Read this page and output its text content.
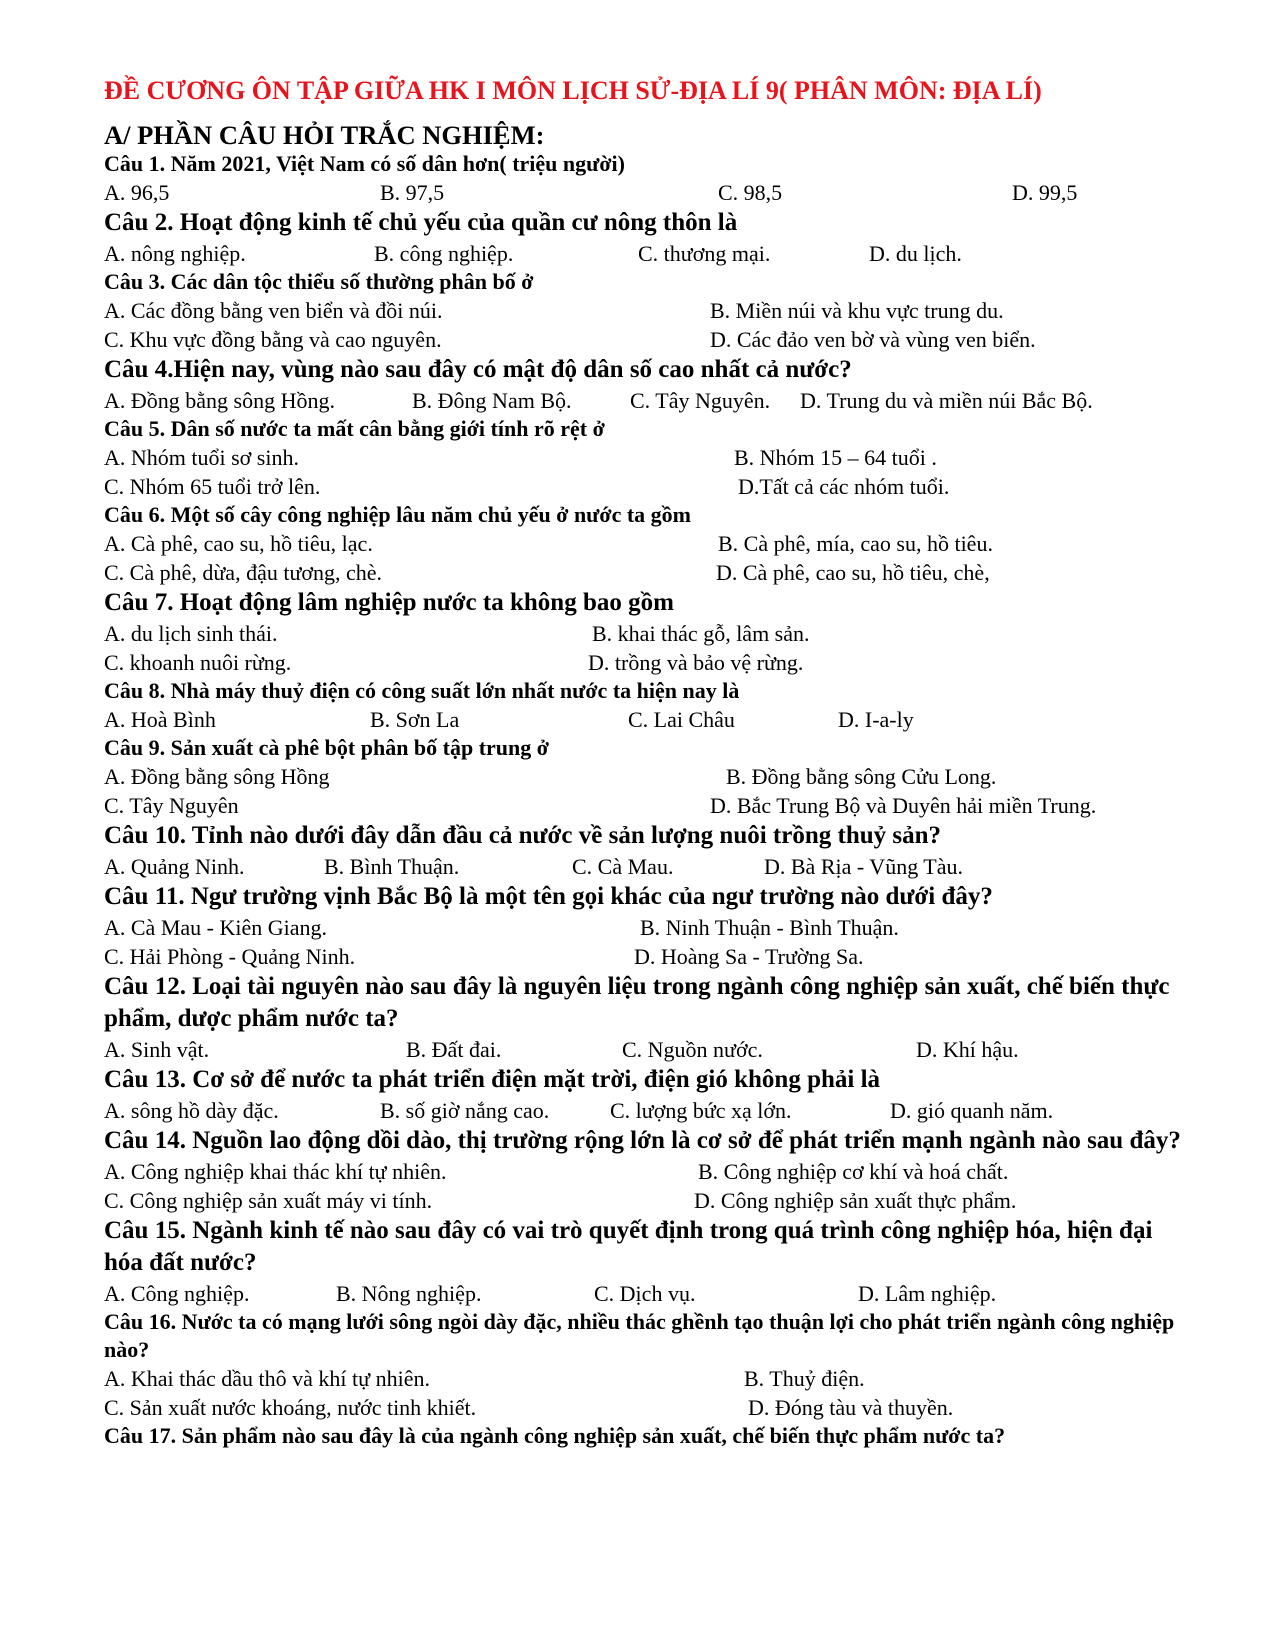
ĐỀ CƯƠNG ÔN TẬP GIỮA HK I MÔN LỊCH SỬ-ĐỊA LÍ 9( PHÂN MÔN: ĐỊA LÍ)
A/ PHẦN CÂU HỎI TRẮC NGHIỆM:
Câu 1. Năm 2021, Việt Nam có số dân hơn( triệu người)
A. 96,5	B. 97,5	C. 98,5	D. 99,5
Câu 2. Hoạt động kinh tế chủ yếu của quần cư nông thôn là
A. nông nghiệp.	B. công nghiệp.	C. thương mại.	D. du lịch.
Câu 3. Các dân tộc thiểu số thường phân bố ở
A. Các đồng bằng ven biển và đồi núi.	B. Miền núi và khu vực trung du.
C. Khu vực đồng bằng và cao nguyên.	D. Các đảo ven bờ và vùng ven biển.
Câu 4.Hiện nay, vùng nào sau đây có mật độ dân số cao nhất cả nước?
A. Đồng bằng sông Hồng.	B. Đông Nam Bộ.	C. Tây Nguyên. D. Trung du và miền núi Bắc Bộ.
Câu 5. Dân số nước ta mất cân bằng giới tính rõ rệt ở
A. Nhóm tuổi sơ sinh.	B. Nhóm 15 – 64 tuổi .
C. Nhóm 65 tuổi trở lên.	D.Tất cả các nhóm tuổi.
Câu 6. Một số cây công nghiệp lâu năm chủ yếu ở nước ta gồm
A. Cà phê, cao su, hồ tiêu, lạc.	B. Cà phê, mía, cao su, hồ tiêu.
C. Cà phê, dừa, đậu tương, chè.	D. Cà phê, cao su, hồ tiêu, chè,
Câu 7. Hoạt động lâm nghiệp nước ta không bao gồm
A. du lịch sinh thái.	B. khai thác gỗ, lâm sản.
C. khoanh nuôi rừng.	D. trồng và bảo vệ rừng.
Câu 8. Nhà máy thuỷ điện có công suất lớn nhất nước ta hiện nay là
A. Hoà Bình	B. Sơn La	C. Lai Châu	D. I-a-ly
Câu 9. Sản xuất cà phê bột phân bố tập trung ở
A. Đồng bằng sông Hồng	B. Đồng bằng sông Cửu Long.
C. Tây Nguyên	D. Bắc Trung Bộ và Duyên hải miền Trung.
Câu 10. Tỉnh nào dưới đây dẫn đầu cả nước về sản lượng nuôi trồng thuỷ sản?
A. Quảng Ninh.	B. Bình Thuận.	C. Cà Mau.	D. Bà Rịa - Vũng Tàu.
Câu 11. Ngư trường vịnh Bắc Bộ là một tên gọi khác của ngư trường nào dưới đây?
A. Cà Mau - Kiên Giang.	B. Ninh Thuận - Bình Thuận.
C. Hải Phòng - Quảng Ninh.	D. Hoàng Sa - Trường Sa.
Câu 12. Loại tài nguyên nào sau đây là nguyên liệu trong ngành công nghiệp sản xuất, chế biến thực phẩm, dược phẩm nước ta?
A. Sinh vật.	B. Đất đai.	C. Nguồn nước.	D. Khí hậu.
Câu 13. Cơ sở để nước ta phát triển điện mặt trời, điện gió không phải là
A. sông hồ dày đặc.	B. số giờ nắng cao.	C. lượng bức xạ lớn.	D. gió quanh năm.
Câu 14. Nguồn lao động dồi dào, thị trường rộng lớn là cơ sở để phát triển mạnh ngành nào sau đây?
A. Công nghiệp khai thác khí tự nhiên.	B. Công nghiệp cơ khí và hoá chất.
C. Công nghiệp sản xuất máy vi tính.	D. Công nghiệp sản xuất thực phẩm.
Câu 15. Ngành kinh tế nào sau đây có vai trò quyết định trong quá trình công nghiệp hóa, hiện đại hóa đất nước?
A. Công nghiệp.	B. Nông nghiệp.	C. Dịch vụ.	D. Lâm nghiệp.
Câu 16. Nước ta có mạng lưới sông ngòi dày đặc, nhiều thác ghềnh tạo thuận lợi cho phát triển ngành công nghiệp nào?
A. Khai thác dầu thô và khí tự nhiên.	B. Thuỷ điện.
C. Sản xuất nước khoáng, nước tinh khiết.	D. Đóng tàu và thuyền.
Câu 17. Sản phẩm nào sau đây là của ngành công nghiệp sản xuất, chế biến thực phẩm nước ta?
